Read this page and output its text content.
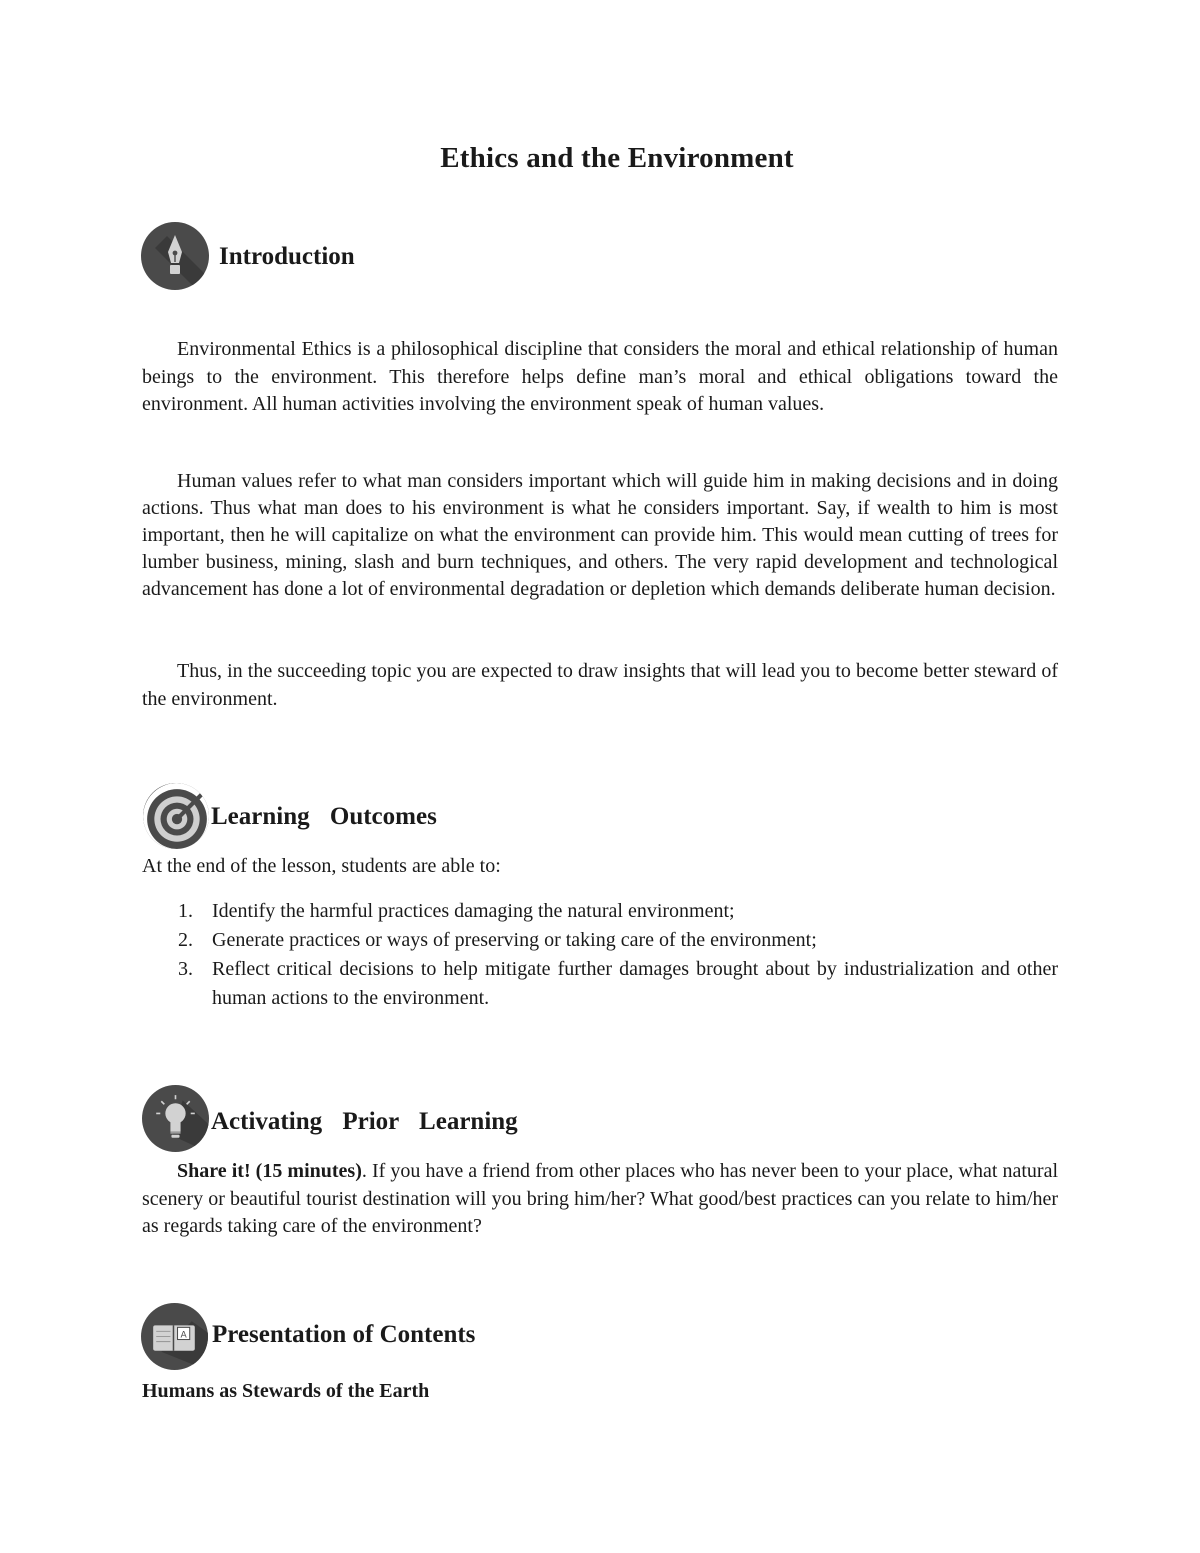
Ethics and the Environment
Introduction
Environmental Ethics is a philosophical discipline that considers the moral and ethical relationship of human beings to the environment. This therefore helps define man’s moral and ethical obligations toward the environment. All human activities involving the environment speak of human values.
Human values refer to what man considers important which will guide him in making decisions and in doing actions. Thus what man does to his environment is what he considers important. Say, if wealth to him is most important, then he will capitalize on what the environment can provide him. This would mean cutting of trees for lumber business, mining, slash and burn techniques, and others. The very rapid development and technological advancement has done a lot of environmental degradation or depletion which demands deliberate human decision.
Thus, in the succeeding topic you are expected to draw insights that will lead you to become better steward of the environment.
Learning Outcomes
At the end of the lesson, students are able to:
1. Identify the harmful practices damaging the natural environment;
2. Generate practices or ways of preserving or taking care of the environment;
3. Reflect critical decisions to help mitigate further damages brought about by industrialization and other human actions to the environment.
Activating Prior Learning
Share it! (15 minutes). If you have a friend from other places who has never been to your place, what natural scenery or beautiful tourist destination will you bring him/her? What good/best practices can you relate to him/her as regards taking care of the environment?
A Presentation of Contents
Humans as Stewards of the Earth
